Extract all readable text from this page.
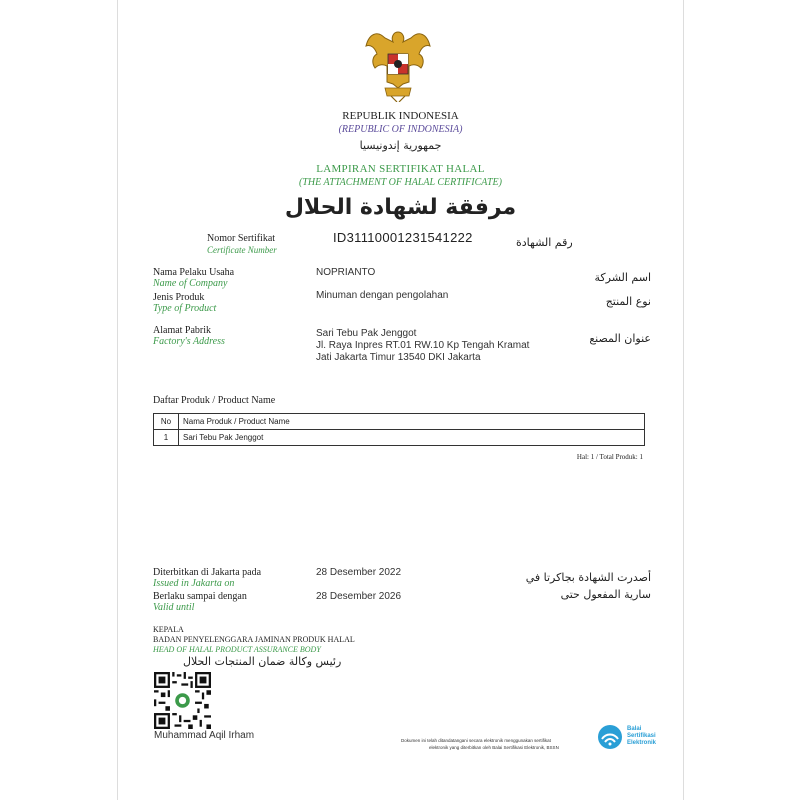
REPUBLIK INDONESIA
(REPUBLIC OF INDONESIA)
جمهورية إندونيسيا
LAMPIRAN SERTIFIKAT HALAL
(THE ATTACHMENT OF HALAL CERTIFICATE)
مرفقة لشهادة الحلال
Nomor Sertifikat
Certificate Number
ID31110001231541222	رقم الشهادة
Nama Pelaku Usaha
Name of Company
NOPRIANTO	اسم الشركة
Jenis Produk
Type of Product
Minuman dengan pengolahan	نوع المنتج
Alamat Pabrik
Factory's Address
Sari Tebu Pak Jenggot
Jl. Raya Inpres RT.01 RW.10 Kp Tengah Kramat
Jati Jakarta Timur 13540 DKI Jakarta
عنوان المصنع
Daftar Produk / Product Name
No	Nama Produk / Product Name
1	Sari Tebu Pak Jenggot
Hal: 1 / Total Produk: 1
Diterbitkan di Jakarta pada
Issued in Jakarta on
28 Desember 2022	أصدرت الشهادة بجاكرتا في
Berlaku sampai dengan
Valid until
28 Desember 2026	سارية المفعول حتى
KEPALA
BADAN PENYELENGGARA JAMINAN PRODUK HALAL
HEAD OF HALAL PRODUCT ASSURANCE BODY
رئيس وكالة ضمان المنتجات الحلال
Muhammad Aqil Irham	Dokumen ini telah ditandatangani secara elektronik menggunakan sertifikat
elektronik yang diterbitkan oleh Balai Sertifikasi Elektronik, BSSN
Balai
Sertifikasi
Elektronik
